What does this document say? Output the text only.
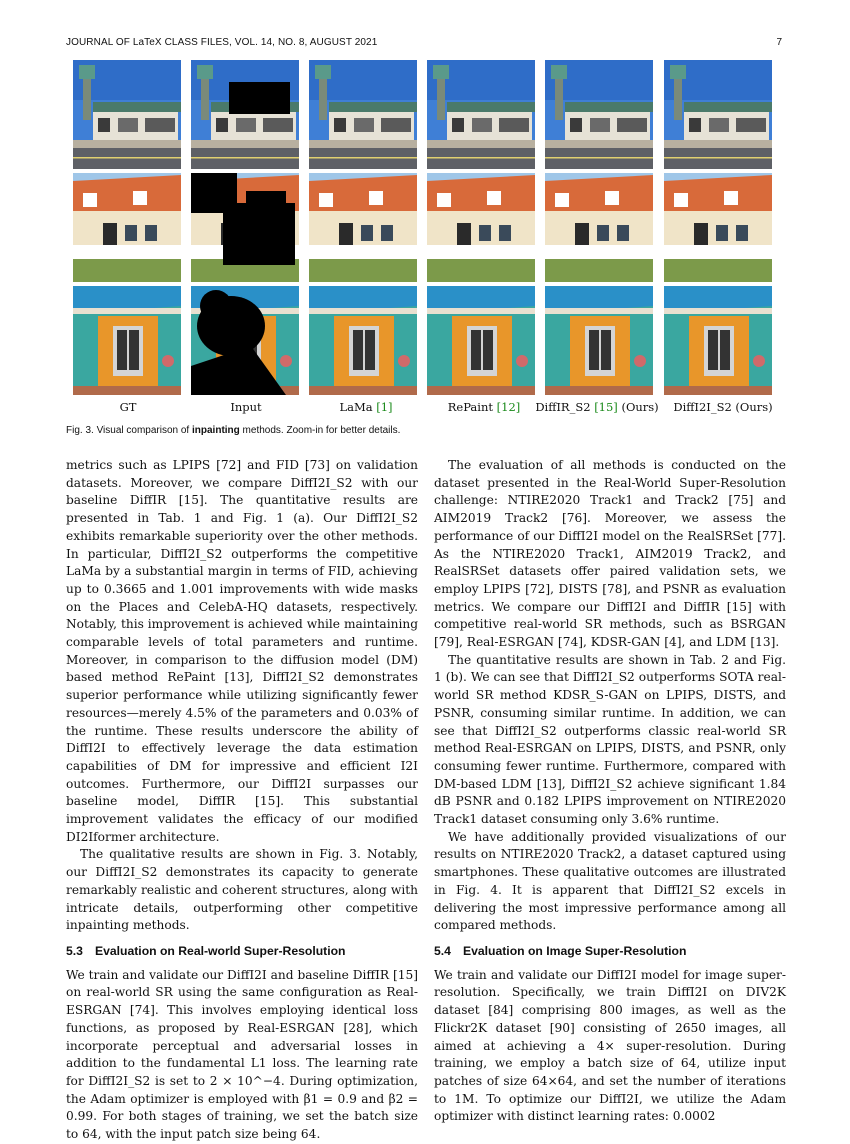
JOURNAL OF LaTeX CLASS FILES, VOL. 14, NO. 8, AUGUST 2021	7
GT	Input	LaMa [1]	RePaint [12]	DiffIR_S2 [15] (Ours)	DiffI2I_S2 (Ours)
Fig. 3. Visual comparison of inpainting methods. Zoom-in for better details.

metrics such as LPIPS [72] and FID [73] on validation datasets. Moreover, we compare DiffI2I_S2 with our baseline DiffIR [15]. The quantitative results are presented in Tab. 1 and Fig. 1 (a). Our DiffI2I_S2 exhibits remarkable superiority over the other methods. In particular, DiffI2I_S2 outperforms the competitive LaMa by a substantial margin in terms of FID, achieving up to 0.3665 and 1.001 improvements with wide masks on the Places and CelebA-HQ datasets, respectively. Notably, this improvement is achieved while maintaining comparable levels of total parameters and runtime. Moreover, in comparison to the diffusion model (DM) based method RePaint [13], DiffI2I_S2 demonstrates superior performance while utilizing significantly fewer resources—merely 4.5% of the parameters and 0.03% of the runtime. These results underscore the ability of DiffI2I to effectively leverage the data estimation capabilities of DM for impressive and efficient I2I outcomes. Furthermore, our DiffI2I surpasses our baseline model, DiffIR [15]. This substantial improvement validates the efficacy of our modified DI2Iformer architecture.

The qualitative results are shown in Fig. 3. Notably, our DiffI2I_S2 demonstrates its capacity to generate remarkably realistic and coherent structures, along with intricate details, outperforming other competitive inpainting methods.

5.3 Evaluation on Real-world Super-Resolution

We train and validate our DiffI2I and baseline DiffIR [15] on real-world SR using the same configuration as Real-ESRGAN [74]. This involves employing identical loss functions, as proposed by Real-ESRGAN [28], which incorporate perceptual and adversarial losses in addition to the fundamental L1 loss. The learning rate for DiffI2I_S2 is set to 2 × 10^−4. During optimization, the Adam optimizer is employed with β1 = 0.9 and β2 = 0.99. For both stages of training, we set the batch size to 64, with the input patch size being 64.

The evaluation of all methods is conducted on the dataset presented in the Real-World Super-Resolution challenge: NTIRE2020 Track1 and Track2 [75] and AIM2019 Track2 [76]. Moreover, we assess the performance of our DiffI2I model on the RealSRSet [77]. As the NTIRE2020 Track1, AIM2019 Track2, and RealSRSet datasets offer paired validation sets, we employ LPIPS [72], DISTS [78], and PSNR as evaluation metrics. We compare our DiffI2I and DiffIR [15] with competitive real-world SR methods, such as BSRGAN [79], Real-ESRGAN [74], KDSR-GAN [4], and LDM [13].

The quantitative results are shown in Tab. 2 and Fig. 1 (b). We can see that DiffI2I_S2 outperforms SOTA real-world SR method KDSR_S-GAN on LPIPS, DISTS, and PSNR, consuming similar runtime. In addition, we can see that DiffI2I_S2 outperforms classic real-world SR method Real-ESRGAN on LPIPS, DISTS, and PSNR, only consuming fewer runtime. Furthermore, compared with DM-based LDM [13], DiffI2I_S2 achieve significant 1.84 dB PSNR and 0.182 LPIPS improvement on NTIRE2020 Track1 dataset consuming only 3.6% runtime.

We have additionally provided visualizations of our results on NTIRE2020 Track2, a dataset captured using smartphones. These qualitative outcomes are illustrated in Fig. 4. It is apparent that DiffI2I_S2 excels in delivering the most impressive performance among all compared methods.

5.4 Evaluation on Image Super-Resolution

We train and validate our DiffI2I model for image super-resolution. Specifically, we train DiffI2I on DIV2K dataset [84] comprising 800 images, as well as the Flickr2K dataset [90] consisting of 2650 images, all aimed at achieving a 4× super-resolution. During training, we employ a batch size of 64, utilize input patches of size 64×64, and set the number of iterations to 1M. To optimize our DiffI2I, we utilize the Adam optimizer with distinct learning rates: 0.0002
